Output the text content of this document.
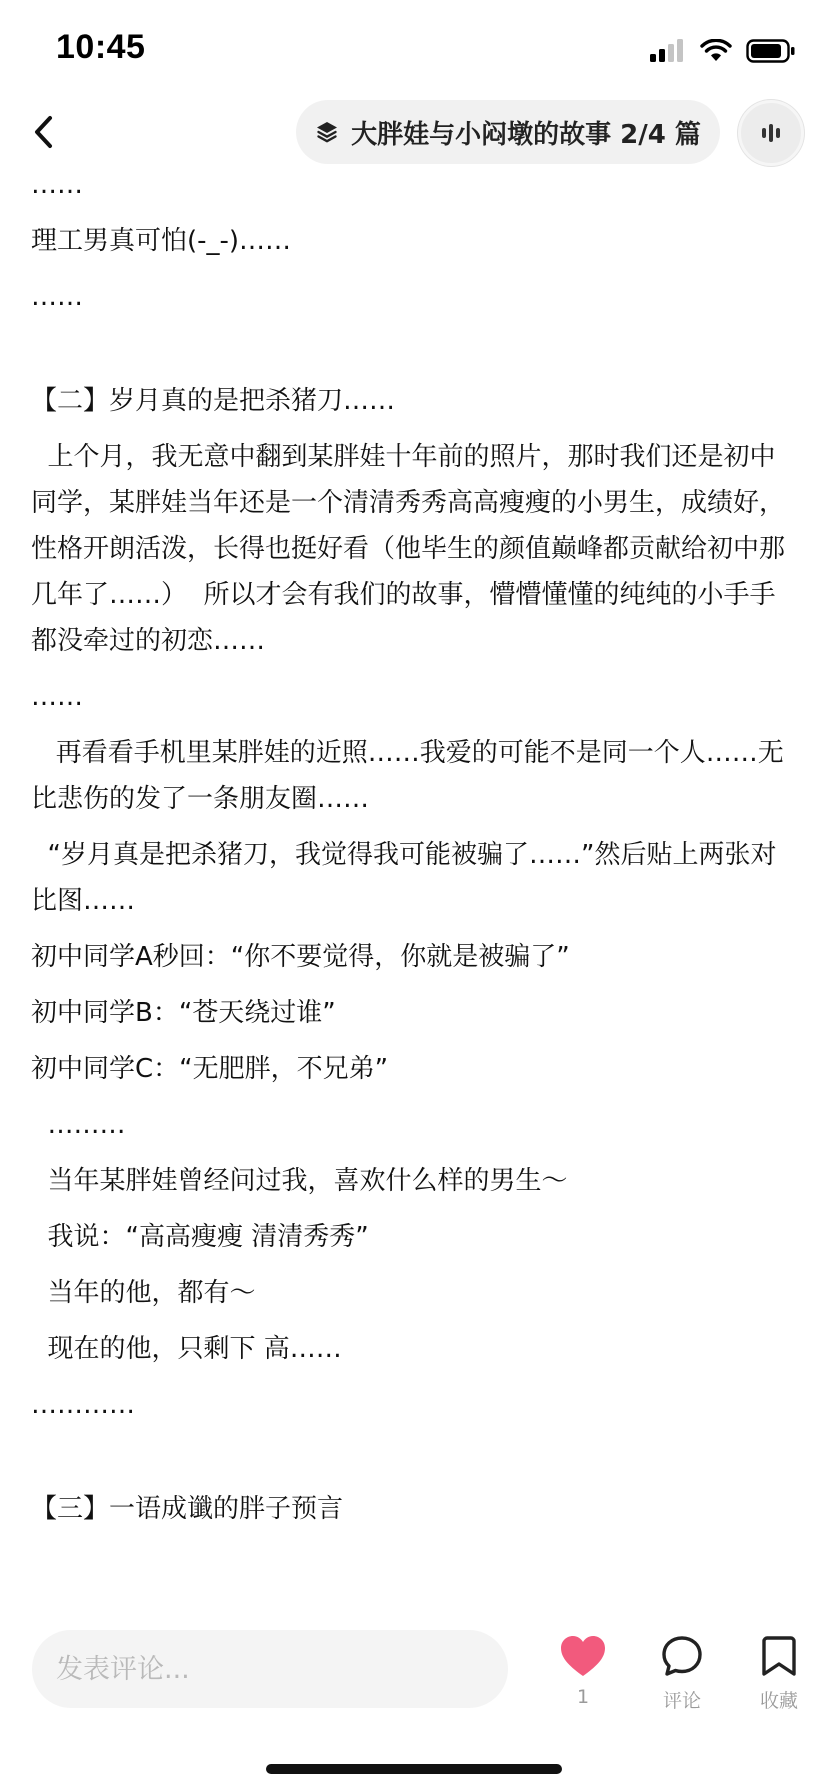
10:45
大胖娃与小闷墩的故事 2/4 篇

……

理工男真可怕(-_-)……

……

【二】岁月真的是把杀猪刀……

上个月，我无意中翻到某胖娃十年前的照片，那时我们还是初中同学，某胖娃当年还是一个清清秀秀高高瘦瘦的小男生，成绩好，性格开朗活泼，长得也挺好看（他毕生的颜值巅峰都贡献给初中那几年了……）  所以才会有我们的故事，懵懵懂懂的纯纯的小手手都没牵过的初恋……

……

再看看手机里某胖娃的近照……我爱的可能不是同一个人……无比悲伤的发了一条朋友圈……

“岁月真是把杀猪刀，我觉得我可能被骗了……”然后贴上两张对比图……

初中同学A秒回：“你不要觉得，你就是被骗了”

初中同学B：“苍天绕过谁”

初中同学C：“无肥胖，不兄弟”

………

当年某胖娃曾经问过我，喜欢什么样的男生～

我说：“高高瘦瘦 清清秀秀”

当年的他，都有～

现在的他，只剩下 高……

…………

【三】一语成谶的胖子预言

发表评论...
1	评论	收藏
